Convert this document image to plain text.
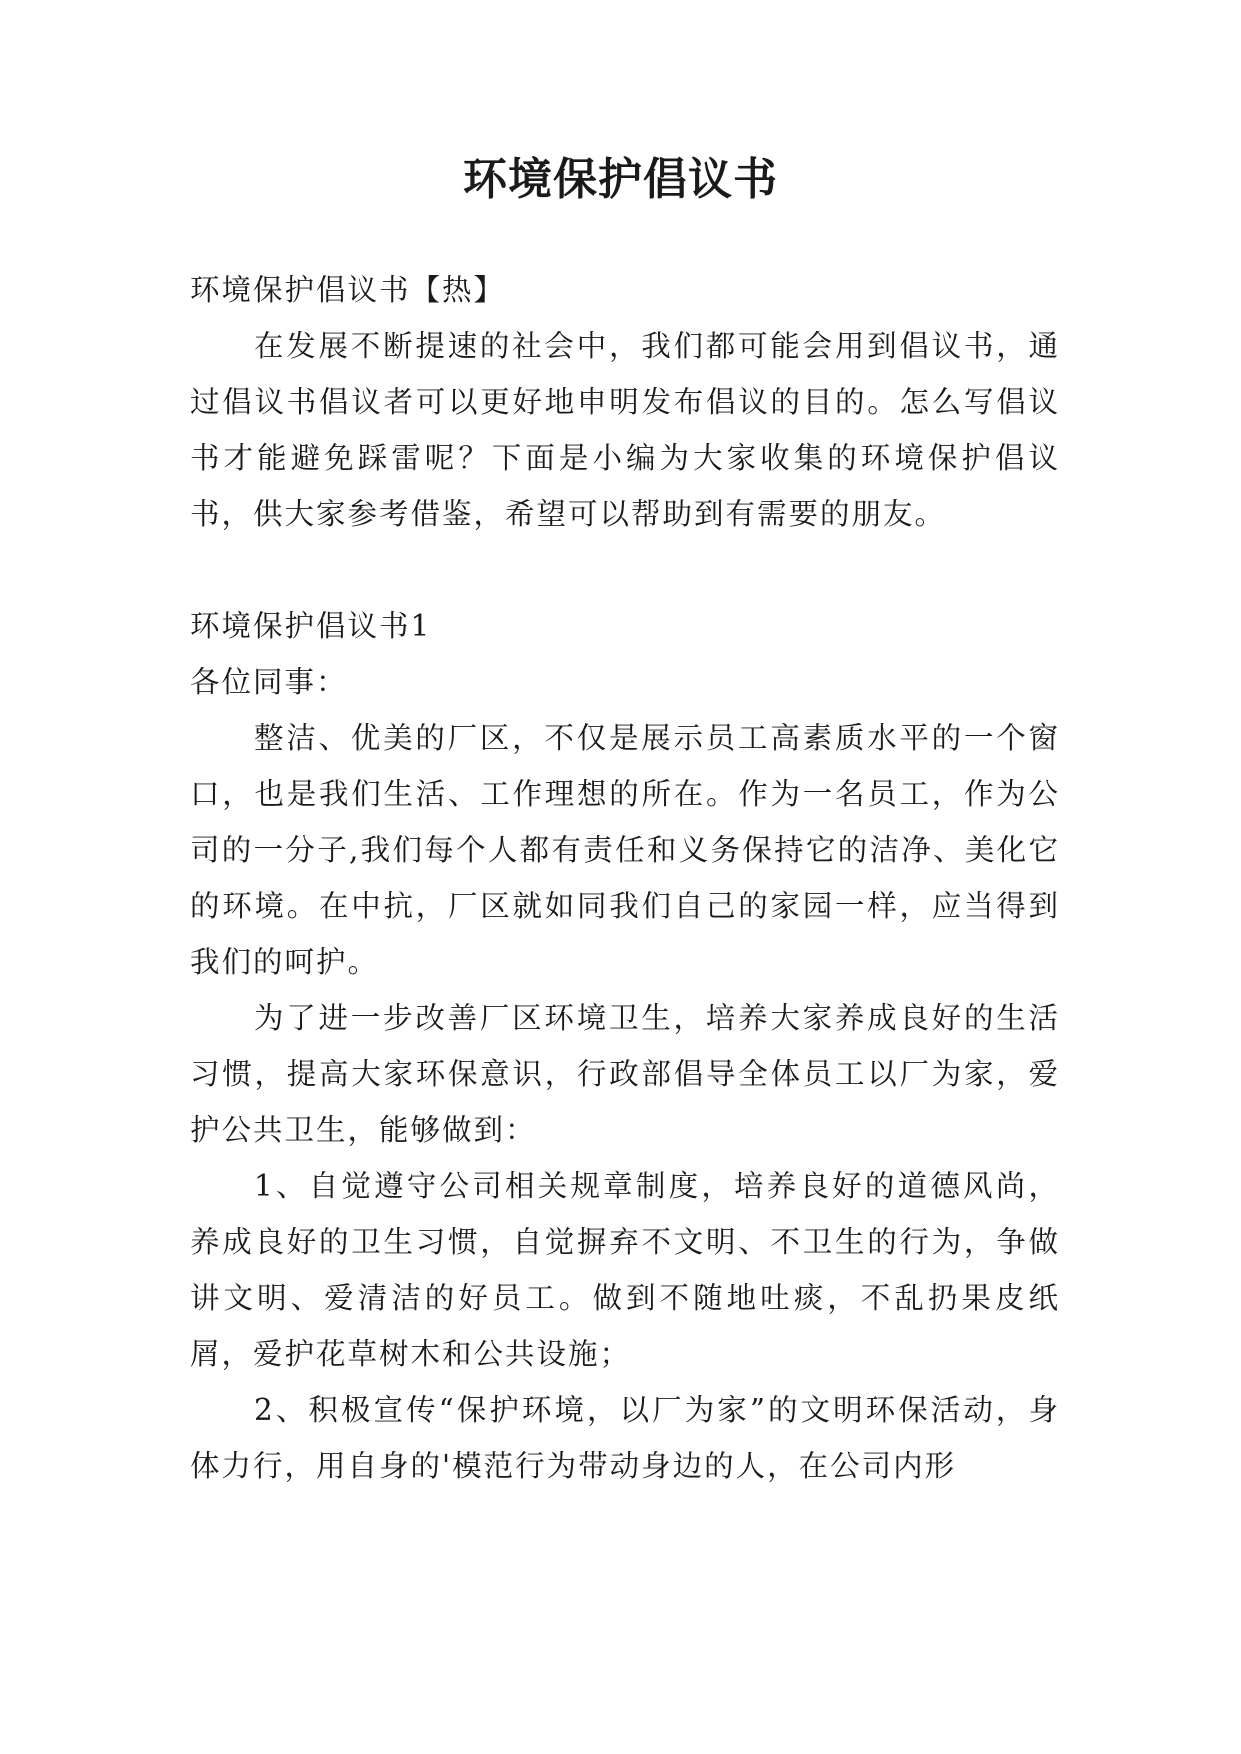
环境保护倡议书

环境保护倡议书【热】

在发展不断提速的社会中，我们都可能会用到倡议书，通过倡议书倡议者可以更好地申明发布倡议的目的。怎么写倡议书才能避免踩雷呢？下面是小编为大家收集的环境保护倡议书，供大家参考借鉴，希望可以帮助到有需要的朋友。

环境保护倡议书1

各位同事：

整洁、优美的厂区，不仅是展示员工高素质水平的一个窗口，也是我们生活、工作理想的所在。作为一名员工，作为公司的一分子,我们每个人都有责任和义务保持它的洁净、美化它的环境。在中抗，厂区就如同我们自己的家园一样，应当得到我们的呵护。

为了进一步改善厂区环境卫生，培养大家养成良好的生活习惯，提高大家环保意识，行政部倡导全体员工以厂为家，爱护公共卫生，能够做到：

1、自觉遵守公司相关规章制度，培养良好的道德风尚，养成良好的卫生习惯，自觉摒弃不文明、不卫生的行为，争做讲文明、爱清洁的好员工。做到不随地吐痰，不乱扔果皮纸屑，爱护花草树木和公共设施；

2、积极宣传“保护环境，以厂为家”的文明环保活动，身体力行，用自身的'模范行为带动身边的人，在公司内形
